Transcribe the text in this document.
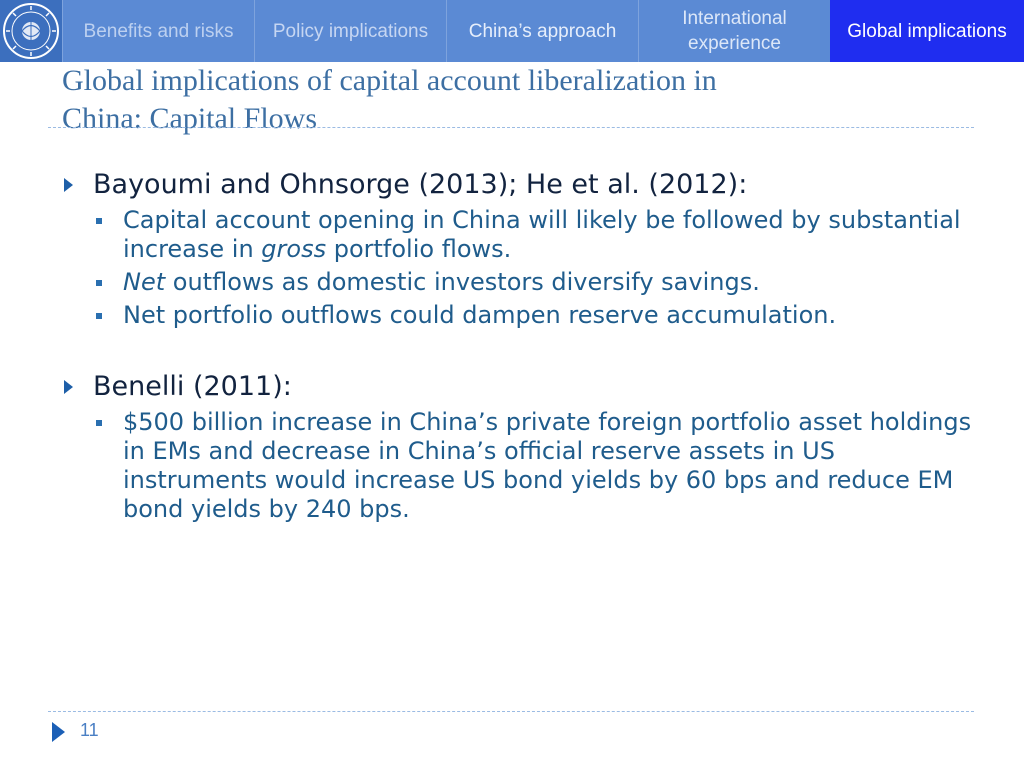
Benefits and risks	Policy implications	China’s approach
International experience
Global implications
Global implications of capital account liberalization in
China: Capital Flows
Bayoumi and Ohnsorge (2013); He et al. (2012):
Capital account opening in China will likely be followed by substantial increase in gross portfolio flows.
Net outflows as domestic investors diversify savings.
Net portfolio outflows could dampen reserve accumulation.
Benelli (2011):
$500 billion increase in China’s private foreign portfolio asset holdings in EMs and decrease in China’s official reserve assets in US instruments would increase US bond yields by 60 bps and reduce EM bond yields by 240 bps.
11
